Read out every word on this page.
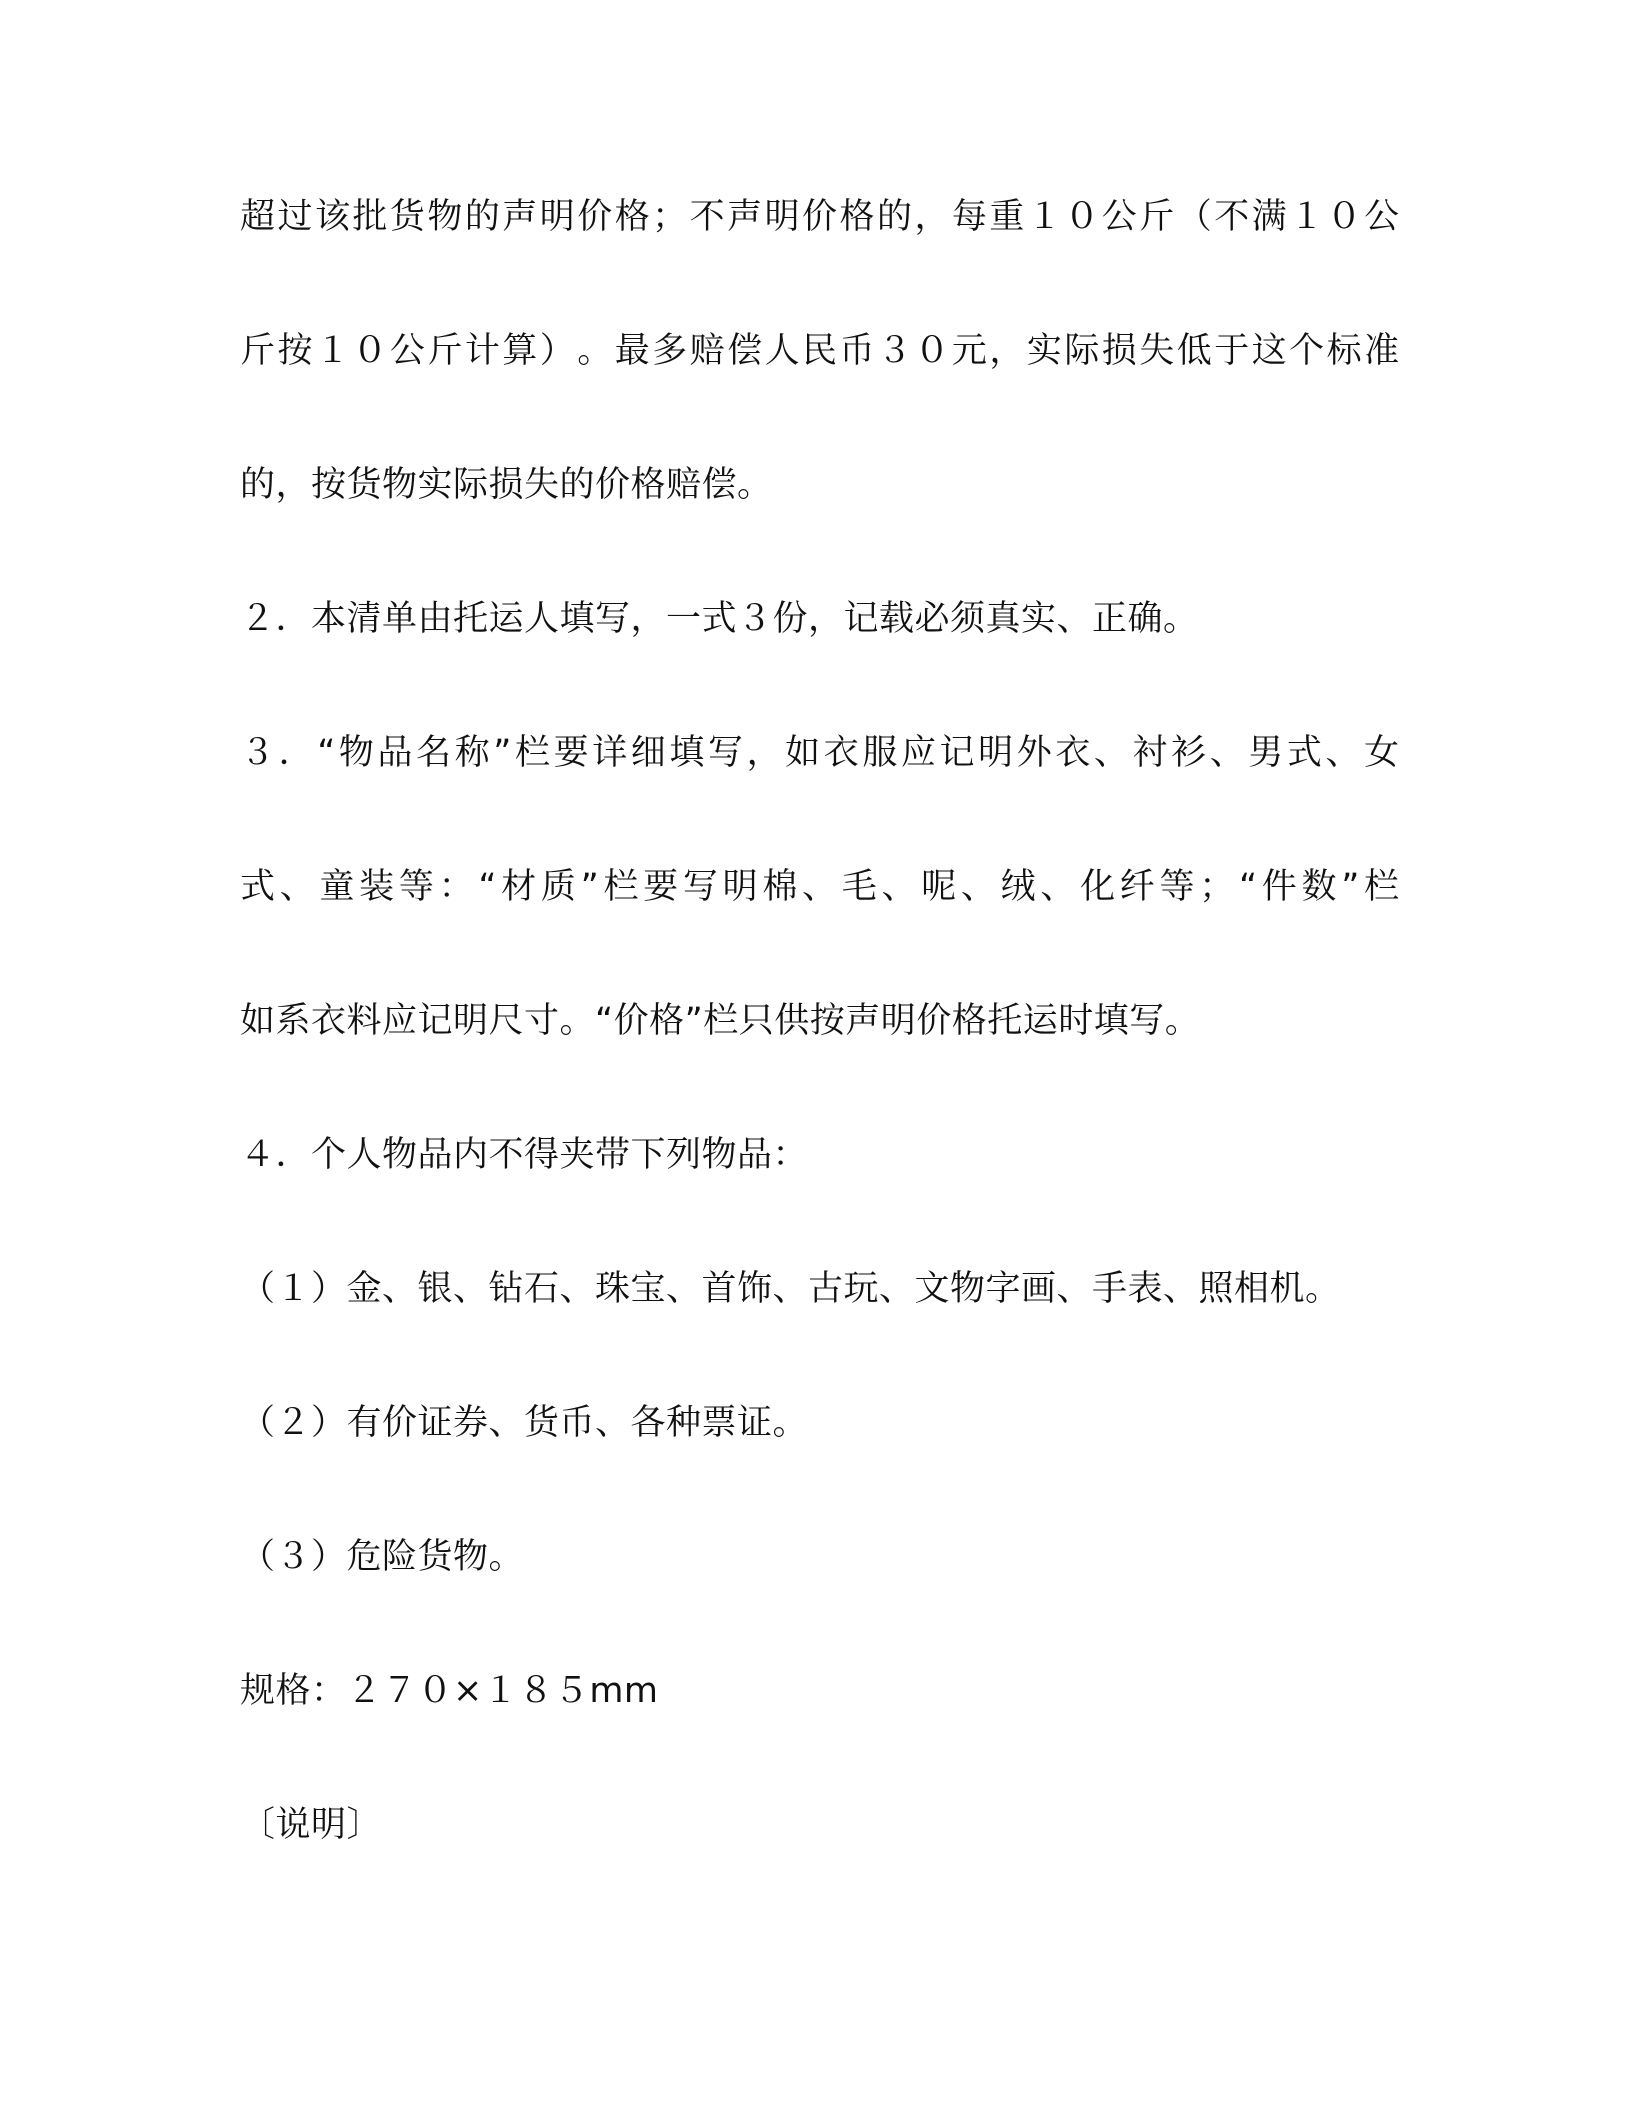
超 过 该 批 货 物 的 声 明 价 格 ； 不 声 明 价 格 的 ， 每 重 １ ０ 公 斤 （ 不 满 １ ０ 公
斤 按 １ ０ 公 斤 计 算 ） 。 最 多 赔 偿 人 民 币 ３ ０ 元 ， 实 际 损 失 低 于 这 个 标 准
的，按货物实际损失的价格赔偿。
２．本清单由托运人填写，一式３份，记载必须真实、正确。
３ ． “ 物 品 名 称 ” 栏 要 详 细 填 写 ， 如 衣 服 应 记 明 外 衣 、 衬 衫 、 男 式 、 女
式 、 童 装 等 ： “ 材 质 ” 栏 要 写 明 棉 、 毛 、 呢 、 绒 、 化 纤 等 ； “ 件 数 ” 栏
如系衣料应记明尺寸。“价格”栏只供按声明价格托运时填写。
４．个人物品内不得夹带下列物品：
（１）金、银、钻石、珠宝、首饰、古玩、文物字画、手表、照相机。
（２）有价证券、货币、各种票证。
（３）危险货物。
规格：２７０×１８５mm
〔说明〕
